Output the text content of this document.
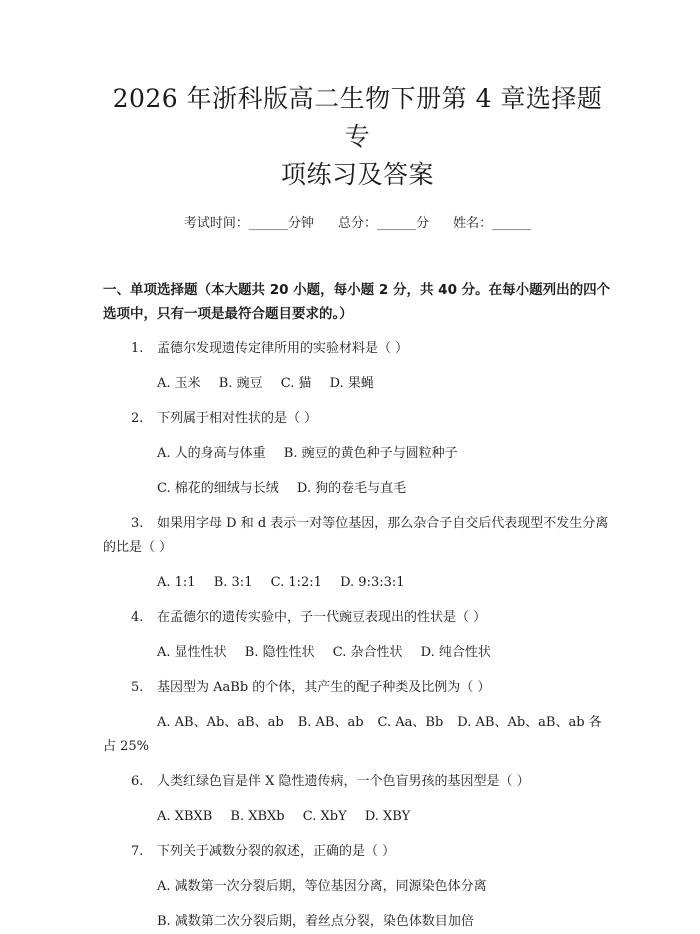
2026 年浙科版高二生物下册第 4 章选择题专
项练习及答案
考试时间：______分钟 总分：______分 姓名：______
一、单项选择题（本大题共 20 小题，每小题 2 分，共 40 分。在每小题列出的四个选项中，只有一项是最符合题目要求的。）
1. 孟德尔发现遗传定律所用的实验材料是（ ）
A. 玉米 B. 豌豆 C. 猫 D. 果蝇
2. 下列属于相对性状的是（ ）
A. 人的身高与体重 B. 豌豆的黄色种子与圆粒种子
C. 棉花的细绒与长绒 D. 狗的卷毛与直毛
3. 如果用字母 D 和 d 表示一对等位基因，那么杂合子自交后代表现型不发生分离的比是（ ）
A. 1:1 B. 3:1 C. 1:2:1 D. 9:3:3:1
4. 在孟德尔的遗传实验中，子一代豌豆表现出的性状是（ ）
A. 显性性状 B. 隐性性状 C. 杂合性状 D. 纯合性状
5. 基因型为 AaBb 的个体，其产生的配子种类及比例为（ ）
A. AB、Ab、aB、ab B. AB、ab C. Aa、Bb D. AB、Ab、aB、ab 各占 25%
6. 人类红绿色盲是伴 X 隐性遗传病，一个色盲男孩的基因型是（ ）
A. XBXB B. XBXb C. XbY D. XBY
7. 下列关于减数分裂的叙述，正确的是（ ）
A. 减数第一次分裂后期，等位基因分离，同源染色体分离
B. 减数第二次分裂后期，着丝点分裂，染色体数目加倍
